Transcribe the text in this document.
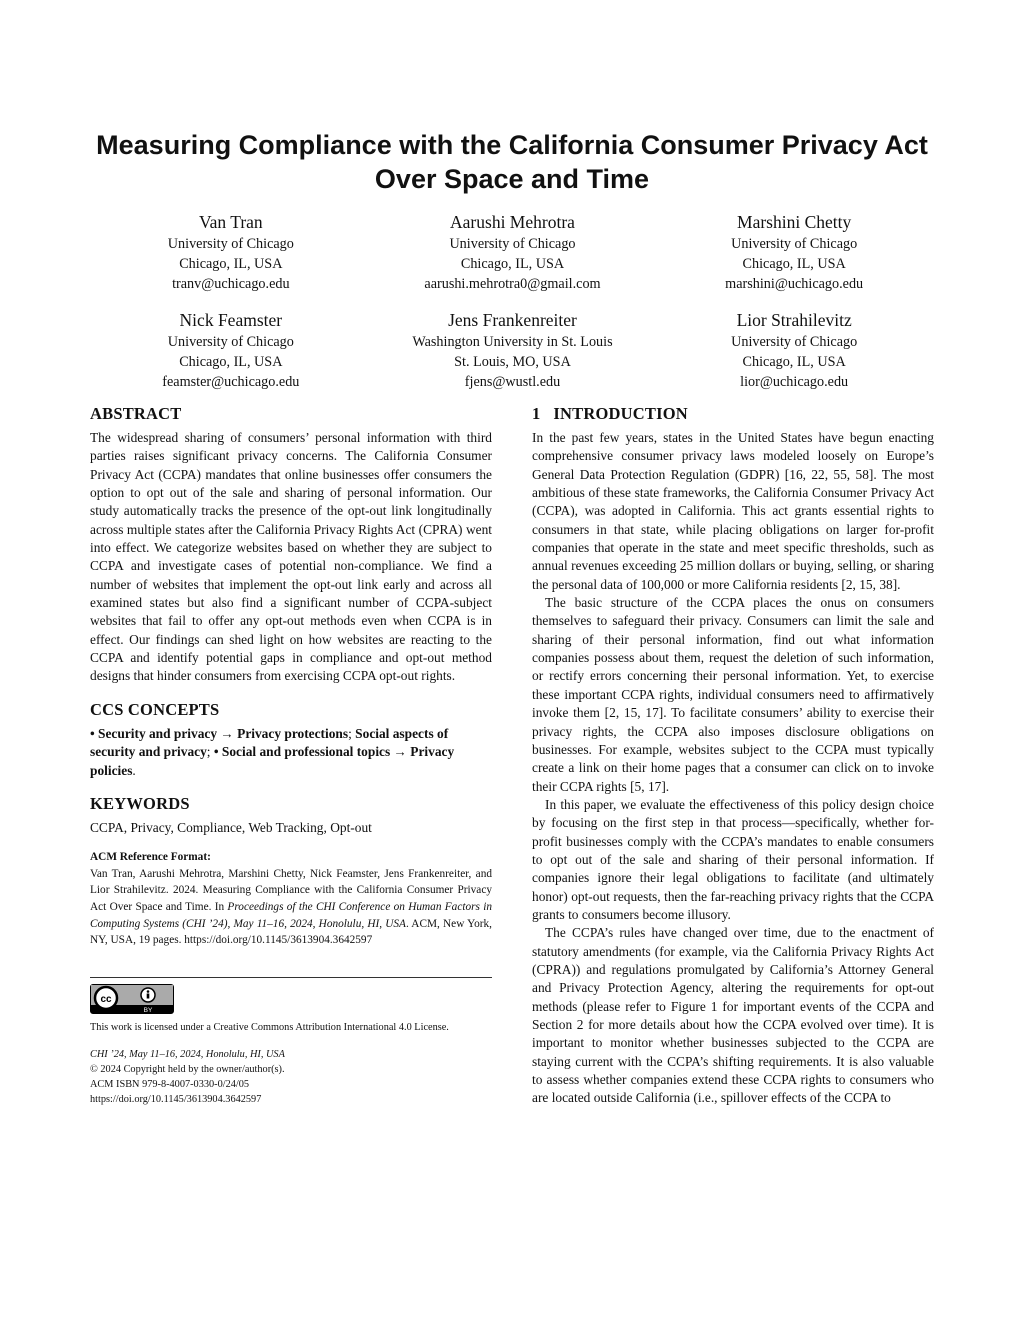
Measuring Compliance with the California Consumer Privacy Act
Over Space and Time
Van Tran
University of Chicago
Chicago, IL, USA
tranv@uchicago.edu
Aarushi Mehrotra
University of Chicago
Chicago, IL, USA
aarushi.mehrotra0@gmail.com
Marshini Chetty
University of Chicago
Chicago, IL, USA
marshini@uchicago.edu
Nick Feamster
University of Chicago
Chicago, IL, USA
feamster@uchicago.edu
Jens Frankenreiter
Washington University in St. Louis
St. Louis, MO, USA
fjens@wustl.edu
Lior Strahilevitz
University of Chicago
Chicago, IL, USA
lior@uchicago.edu
ABSTRACT

The widespread sharing of consumers’ personal information with third parties raises significant privacy concerns. The California Consumer Privacy Act (CCPA) mandates that online businesses offer consumers the option to opt out of the sale and sharing of personal information. Our study automatically tracks the presence of the opt-out link longitudinally across multiple states after the California Privacy Rights Act (CPRA) went into effect. We categorize websites based on whether they are subject to CCPA and investigate cases of potential non-compliance. We find a number of websites that implement the opt-out link early and across all examined states but also find a significant number of CCPA-subject websites that fail to offer any opt-out methods even when CCPA is in effect. Our findings can shed light on how websites are reacting to the CCPA and identify potential gaps in compliance and opt-out method designs that hinder consumers from exercising CCPA opt-out rights.

CCS CONCEPTS

• Security and privacy → Privacy protections; Social aspects of security and privacy; • Social and professional topics → Privacy policies.

KEYWORDS

CCPA, Privacy, Compliance, Web Tracking, Opt-out

ACM Reference Format:

Van Tran, Aarushi Mehrotra, Marshini Chetty, Nick Feamster, Jens Frankenreiter, and Lior Strahilevitz. 2024. Measuring Compliance with the California Consumer Privacy Act Over Space and Time. In Proceedings of the CHI Conference on Human Factors in Computing Systems (CHI ’24), May 11–16, 2024, Honolulu, HI, USA. ACM, New York, NY, USA, 19 pages. https://doi.org/10.1145/3613904.3642597

cc
BY
This work is licensed under a Creative Commons Attribution International 4.0 License.
CHI ’24, May 11–16, 2024, Honolulu, HI, USA
© 2024 Copyright held by the owner/author(s).
ACM ISBN 979-8-4007-0330-0/24/05
https://doi.org/10.1145/3613904.3642597
1   INTRODUCTION

In the past few years, states in the United States have begun enacting comprehensive consumer privacy laws modeled loosely on Europe’s General Data Protection Regulation (GDPR) [16, 22, 55, 58]. The most ambitious of these state frameworks, the California Consumer Privacy Act (CCPA), was adopted in California. This act grants essential rights to consumers in that state, while placing obligations on larger for-profit companies that operate in the state and meet specific thresholds, such as annual revenues exceeding 25 million dollars or buying, selling, or sharing the personal data of 100,000 or more California residents [2, 15, 38].

The basic structure of the CCPA places the onus on consumers themselves to safeguard their privacy. Consumers can limit the sale and sharing of their personal information, find out what information companies possess about them, request the deletion of such information, or rectify errors concerning their personal information. Yet, to exercise these important CCPA rights, individual consumers need to affirmatively invoke them [2, 15, 17]. To facilitate consumers’ ability to exercise their privacy rights, the CCPA also imposes disclosure obligations on businesses. For example, websites subject to the CCPA must typically create a link on their home pages that a consumer can click on to invoke their CCPA rights [5, 17].

In this paper, we evaluate the effectiveness of this policy design choice by focusing on the first step in that process—specifically, whether for-profit businesses comply with the CCPA’s mandates to enable consumers to opt out of the sale and sharing of their personal information. If companies ignore their legal obligations to facilitate (and ultimately honor) opt-out requests, then the far-reaching privacy rights that the CCPA grants to consumers become illusory.

The CCPA’s rules have changed over time, due to the enactment of statutory amendments (for example, via the California Privacy Rights Act (CPRA)) and regulations promulgated by California’s Attorney General and Privacy Protection Agency, altering the requirements for opt-out methods (please refer to Figure 1 for important events of the CCPA and Section 2 for more details about how the CCPA evolved over time). It is important to monitor whether businesses subjected to the CCPA are staying current with the CCPA’s shifting requirements. It is also valuable to assess whether companies extend these CCPA rights to consumers who are located outside California (i.e., spillover effects of the CCPA to
